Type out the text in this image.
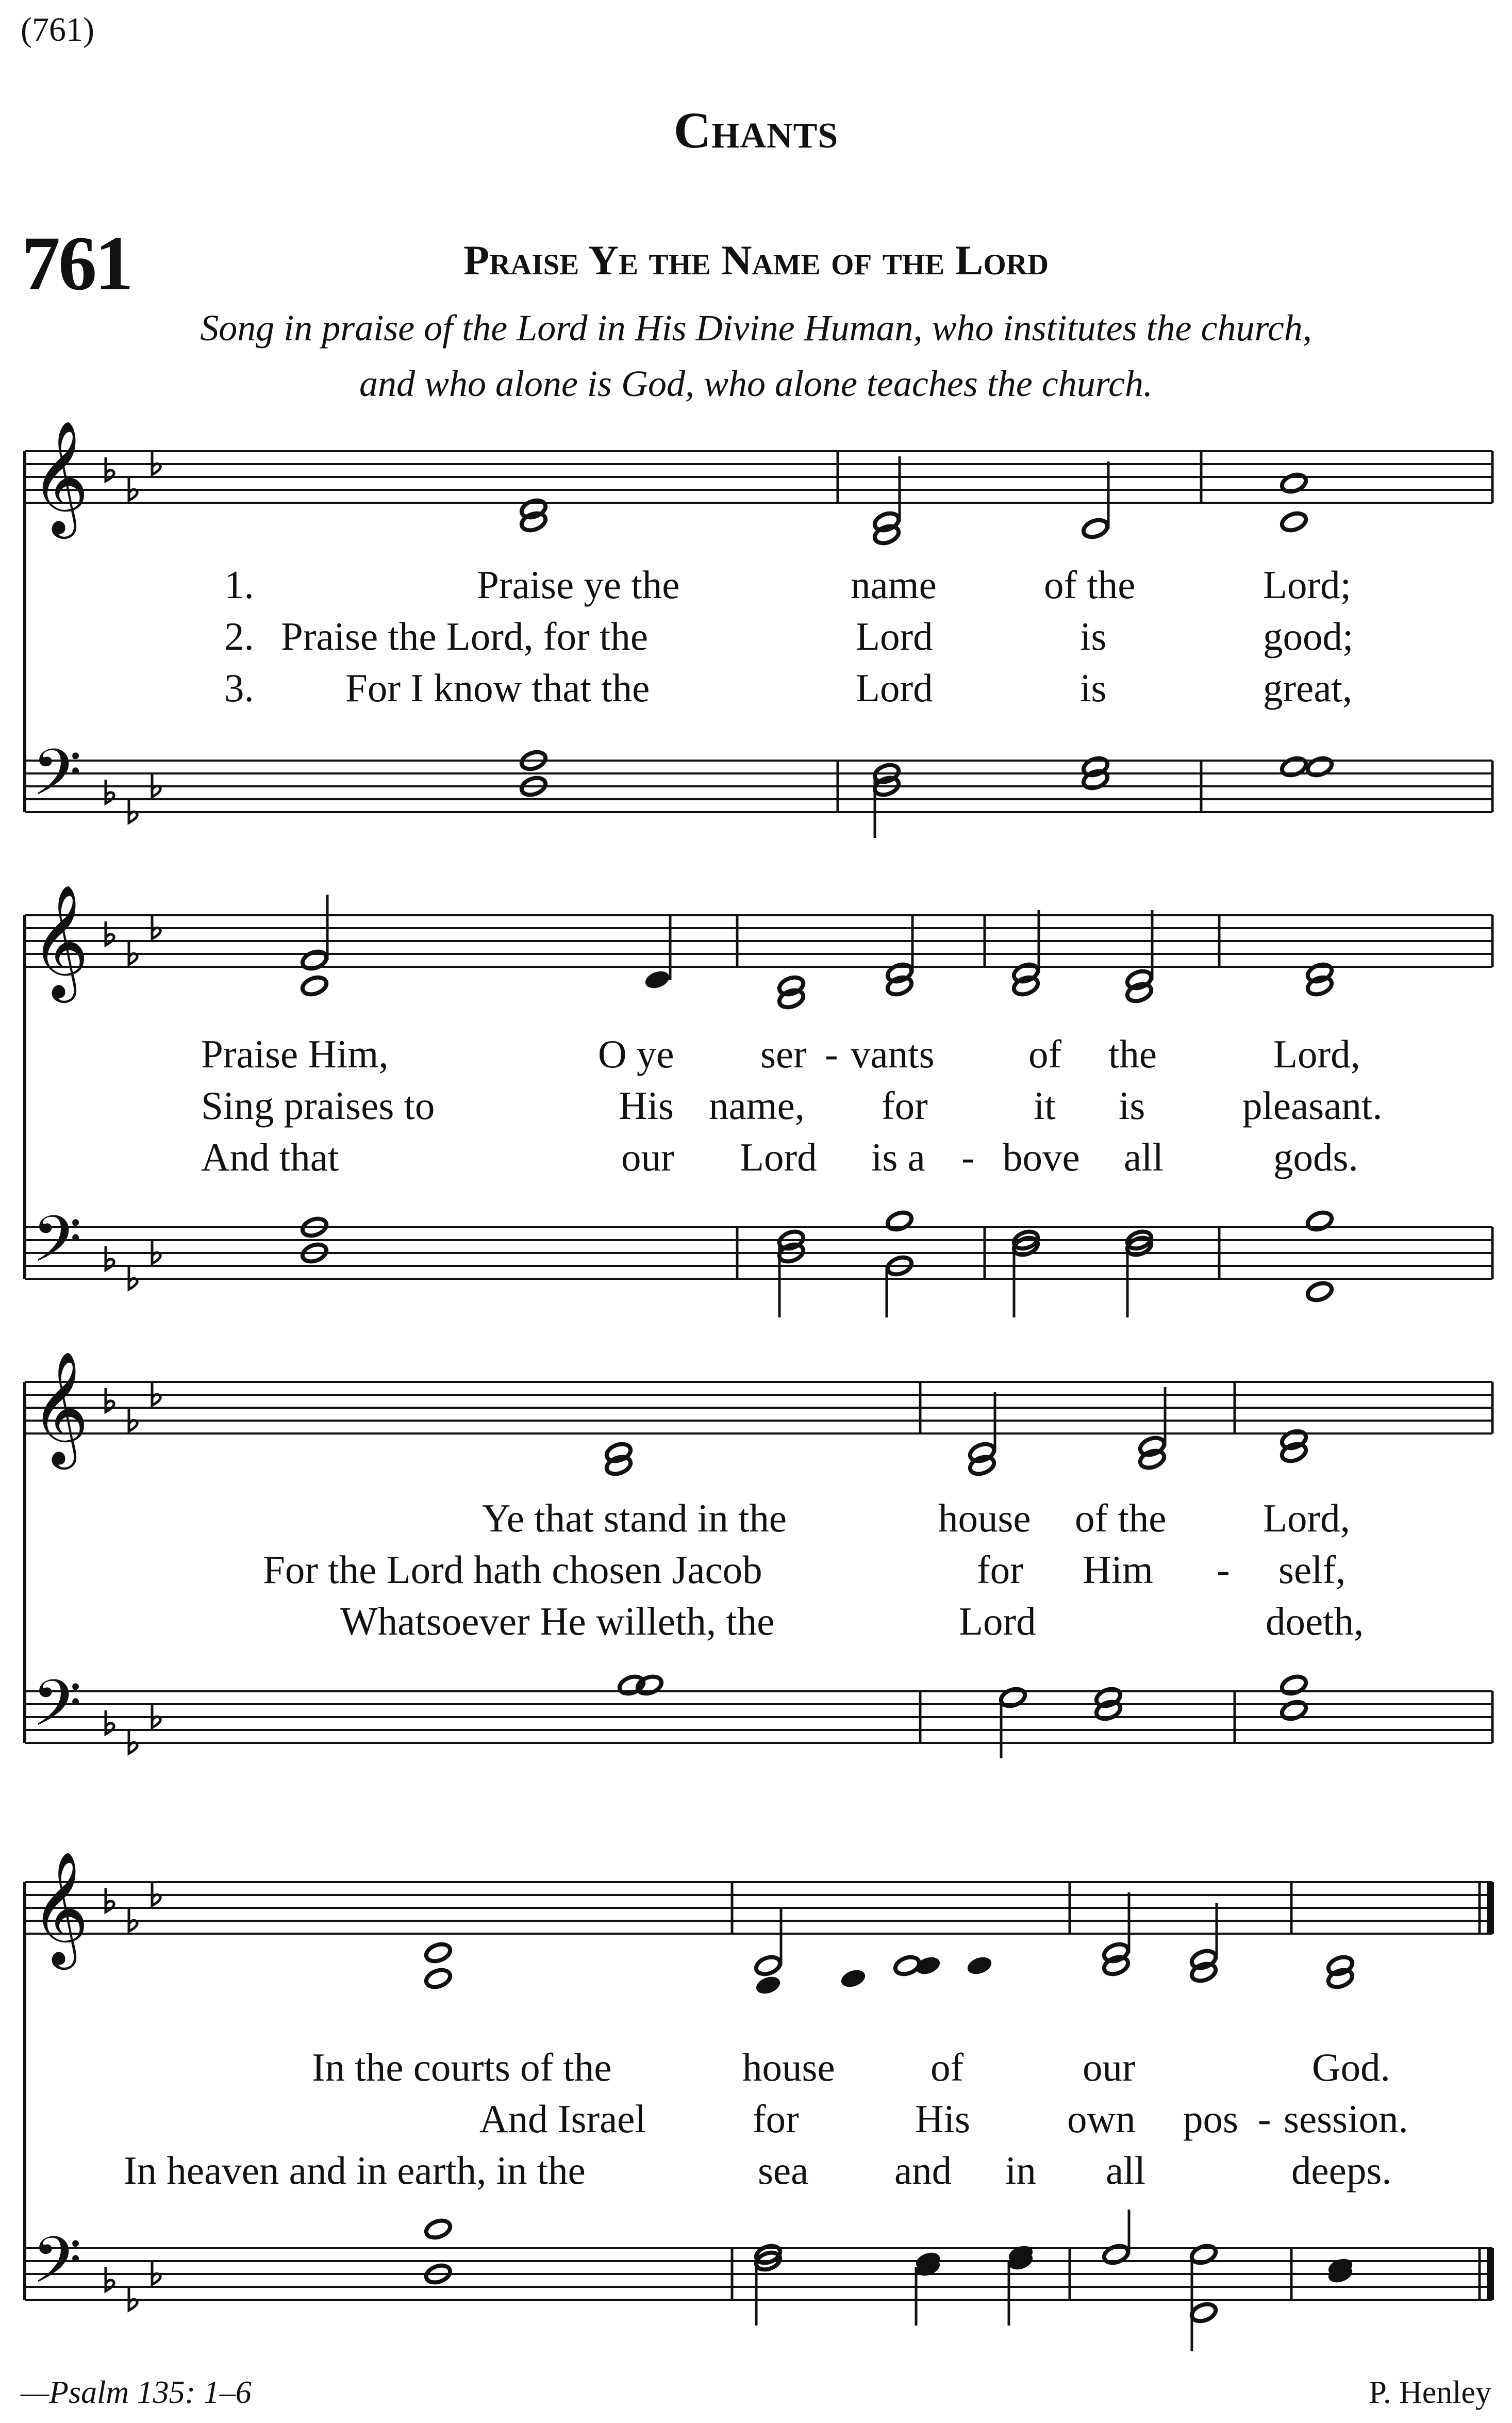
(761)
Chants
761	Praise Ye the Name of the Lord
Song in praise of the Lord in His Divine Human, who institutes the church,
and who alone is God, who alone teaches the church.
𝄞
𝄢
𝄞
𝄢
𝄞
𝄢
𝄞
𝄢
1.	Praise ye the	name	of the	Lord;
2. Praise the Lord, for the	Lord	is	good;
3. For I know that the	Lord	is	great,
Praise Him,	O ye ser - vants of the	Lord,
Sing praises to	His name, for	it is pleasant.
And that	our Lord is a - bove all	gods.
Ye that stand in the	house of the Lord,
For the Lord hath chosen Jacob	for Him - self,
Whatsoever He willeth, the	Lord	doeth,
In the courts of the	house of	our	God.
And Israel	for	His own pos - session.
In heaven and in earth, in the	sea and in all	deeps.
—Psalm 135: 1–6	P. Henley
